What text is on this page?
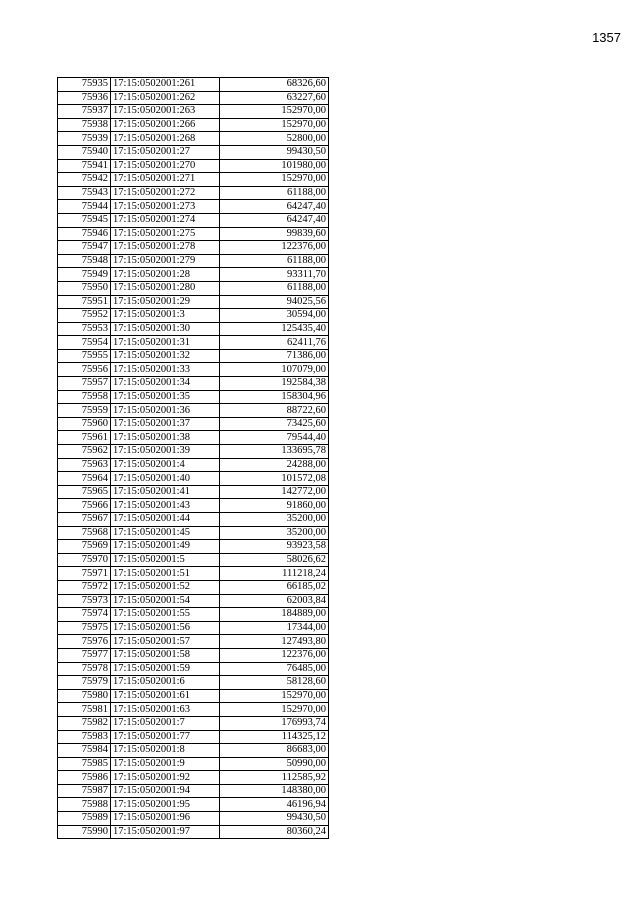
1357
75935	17:15:0502001:261	68326,60
75936	17:15:0502001:262	63227,60
75937	17:15:0502001:263	152970,00
75938	17:15:0502001:266	152970,00
75939	17:15:0502001:268	52800,00
75940	17:15:0502001:27	99430,50
75941	17:15:0502001:270	101980,00
75942	17:15:0502001:271	152970,00
75943	17:15:0502001:272	61188,00
75944	17:15:0502001:273	64247,40
75945	17:15:0502001:274	64247,40
75946	17:15:0502001:275	99839,60
75947	17:15:0502001:278	122376,00
75948	17:15:0502001:279	61188,00
75949	17:15:0502001:28	93311,70
75950	17:15:0502001:280	61188,00
75951	17:15:0502001:29	94025,56
75952	17:15:0502001:3	30594,00
75953	17:15:0502001:30	125435,40
75954	17:15:0502001:31	62411,76
75955	17:15:0502001:32	71386,00
75956	17:15:0502001:33	107079,00
75957	17:15:0502001:34	192584,38
75958	17:15:0502001:35	158304,96
75959	17:15:0502001:36	88722,60
75960	17:15:0502001:37	73425,60
75961	17:15:0502001:38	79544,40
75962	17:15:0502001:39	133695,78
75963	17:15:0502001:4	24288,00
75964	17:15:0502001:40	101572,08
75965	17:15:0502001:41	142772,00
75966	17:15:0502001:43	91860,00
75967	17:15:0502001:44	35200,00
75968	17:15:0502001:45	35200,00
75969	17:15:0502001:49	93923,58
75970	17:15:0502001:5	58026,62
75971	17:15:0502001:51	111218,24
75972	17:15:0502001:52	66185,02
75973	17:15:0502001:54	62003,84
75974	17:15:0502001:55	184889,00
75975	17:15:0502001:56	17344,00
75976	17:15:0502001:57	127493,80
75977	17:15:0502001:58	122376,00
75978	17:15:0502001:59	76485,00
75979	17:15:0502001:6	58128,60
75980	17:15:0502001:61	152970,00
75981	17:15:0502001:63	152970,00
75982	17:15:0502001:7	176993,74
75983	17:15:0502001:77	114325,12
75984	17:15:0502001:8	86683,00
75985	17:15:0502001:9	50990,00
75986	17:15:0502001:92	112585,92
75987	17:15:0502001:94	148380,00
75988	17:15:0502001:95	46196,94
75989	17:15:0502001:96	99430,50
75990	17:15:0502001:97	80360,24
